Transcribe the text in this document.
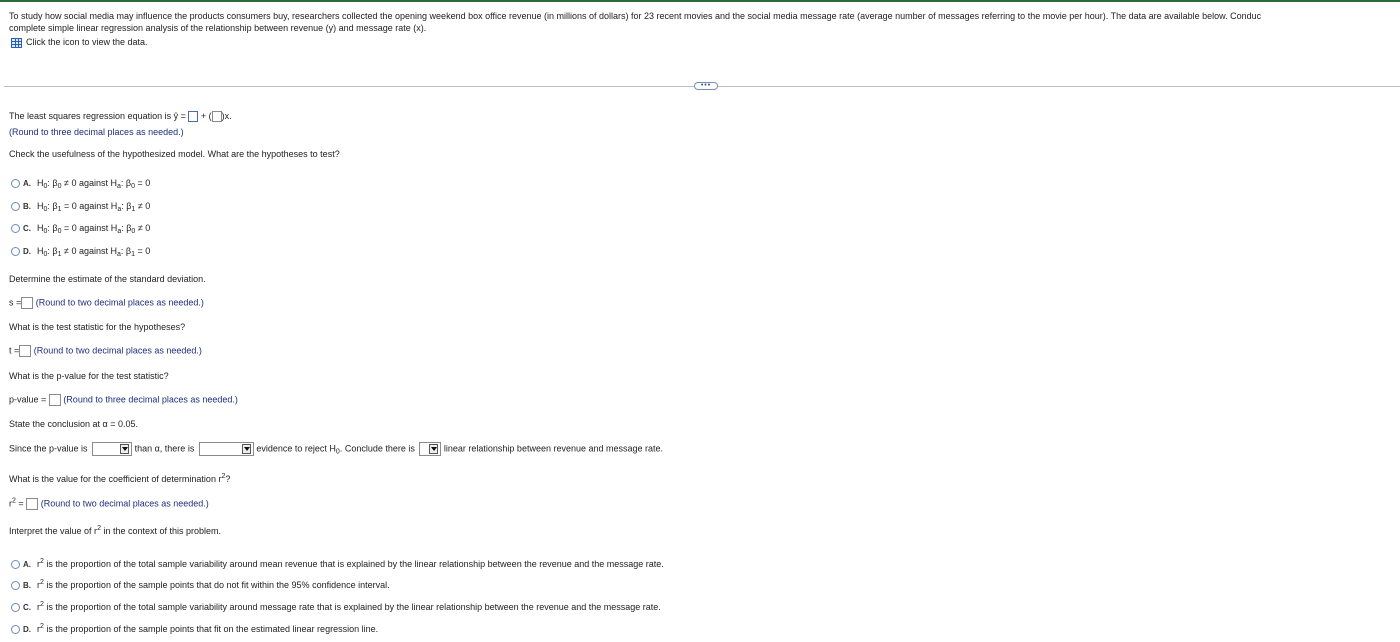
To study how social media may influence the products consumers buy, researchers collected the opening weekend box office revenue (in millions of dollars) for 23 recent movies and the social media message rate (average number of messages referring to the movie per hour). The data are available below. Conduc
complete simple linear regression analysis of the relationship between revenue (y) and message rate (x).
Click the icon to view the data.
•••
The least squares regression equation is ŷ =  + ( )x.
(Round to three decimal places as needed.)
Check the usefulness of the hypothesized model. What are the hypotheses to test?
A. $H_0$: $\beta_0 \ne 0$ against $H_a$: $\beta_0 = 0$
B. $H_0$: $\beta_1 = 0$ against $H_a$: $\beta_1 \ne 0$
C. $H_0$: $\beta_0 = 0$ against $H_a$: $\beta_0 \ne 0$
D. $H_0$: $\beta_1 \ne 0$ against $H_a$: $\beta_1 = 0$
Determine the estimate of the standard deviation.
s = (Round to two decimal places as needed.)
What is the test statistic for the hypotheses?
t = (Round to two decimal places as needed.)
What is the p-value for the test statistic?
p-value = (Round to three decimal places as needed.)
State the conclusion at α = 0.05.
Since the p-value is	than α, there is	evidence to reject $H_0$. Conclude there is	linear relationship between revenue and message rate.
What is the value for the coefficient of determination $r^2$?
$r^2$ = (Round to two decimal places as needed.)
Interpret the value of $r^2$ in the context of this problem.
A. $r^2$ is the proportion of the total sample variability around mean revenue that is explained by the linear relationship between the revenue and the message rate.
B. $r^2$ is the proportion of the sample points that do not fit within the 95% confidence interval.
C. $r^2$ is the proportion of the total sample variability around message rate that is explained by the linear relationship between the revenue and the message rate.
D. $r^2$ is the proportion of the sample points that fit on the estimated linear regression line.
